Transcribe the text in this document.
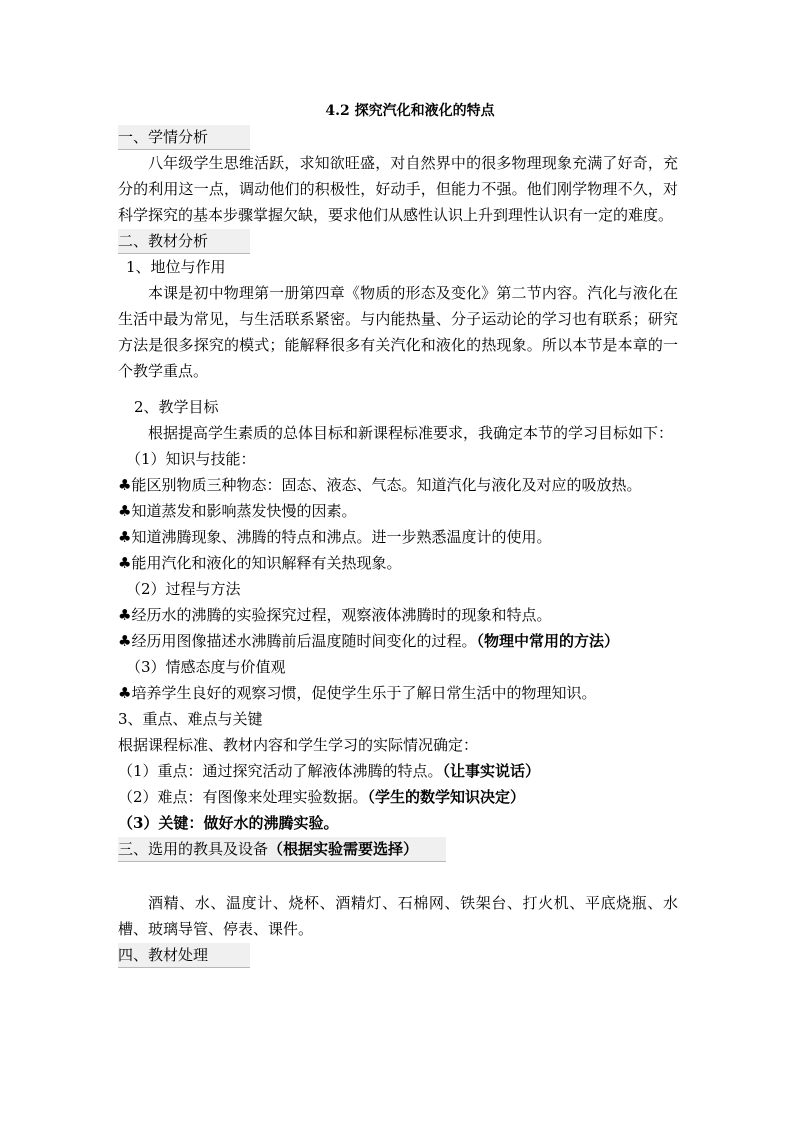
4.2 探究汽化和液化的特点
一、学情分析
八年级学生思维活跃，求知欲旺盛，对自然界中的很多物理现象充满了好奇，充分的利用这一点，调动他们的积极性，好动手，但能力不强。他们刚学物理不久，对科学探究的基本步骤掌握欠缺，要求他们从感性认识上升到理性认识有一定的难度。
二、教材分析
1、地位与作用
本课是初中物理第一册第四章《物质的形态及变化》第二节内容。汽化与液化在生活中最为常见，与生活联系紧密。与内能热量、分子运动论的学习也有联系；研究方法是很多探究的模式；能解释很多有关汽化和液化的热现象。所以本节是本章的一个教学重点。
2、教学目标
根据提高学生素质的总体目标和新课程标准要求，我确定本节的学习目标如下：
（1）知识与技能：
♣能区别物质三种物态：固态、液态、气态。知道汽化与液化及对应的吸放热。
♣知道蒸发和影响蒸发快慢的因素。
♣知道沸腾现象、沸腾的特点和沸点。进一步熟悉温度计的使用。
♣能用汽化和液化的知识解释有关热现象。
（2）过程与方法
♣经历水的沸腾的实验探究过程，观察液体沸腾时的现象和特点。
♣经历用图像描述水沸腾前后温度随时间变化的过程。（物理中常用的方法）
（3）情感态度与价值观
♣培养学生良好的观察习惯，促使学生乐于了解日常生活中的物理知识。
3、重点、难点与关键
根据课程标准、教材内容和学生学习的实际情况确定：
（1）重点：通过探究活动了解液体沸腾的特点。（让事实说话）
（2）难点：有图像来处理实验数据。（学生的数学知识决定）
（3）关键：做好水的沸腾实验。
三、选用的教具及设备（根据实验需要选择）
酒精、水、温度计、烧杯、酒精灯、石棉网、铁架台、打火机、平底烧瓶、水槽、玻璃导管、停表、课件。
四、教材处理
